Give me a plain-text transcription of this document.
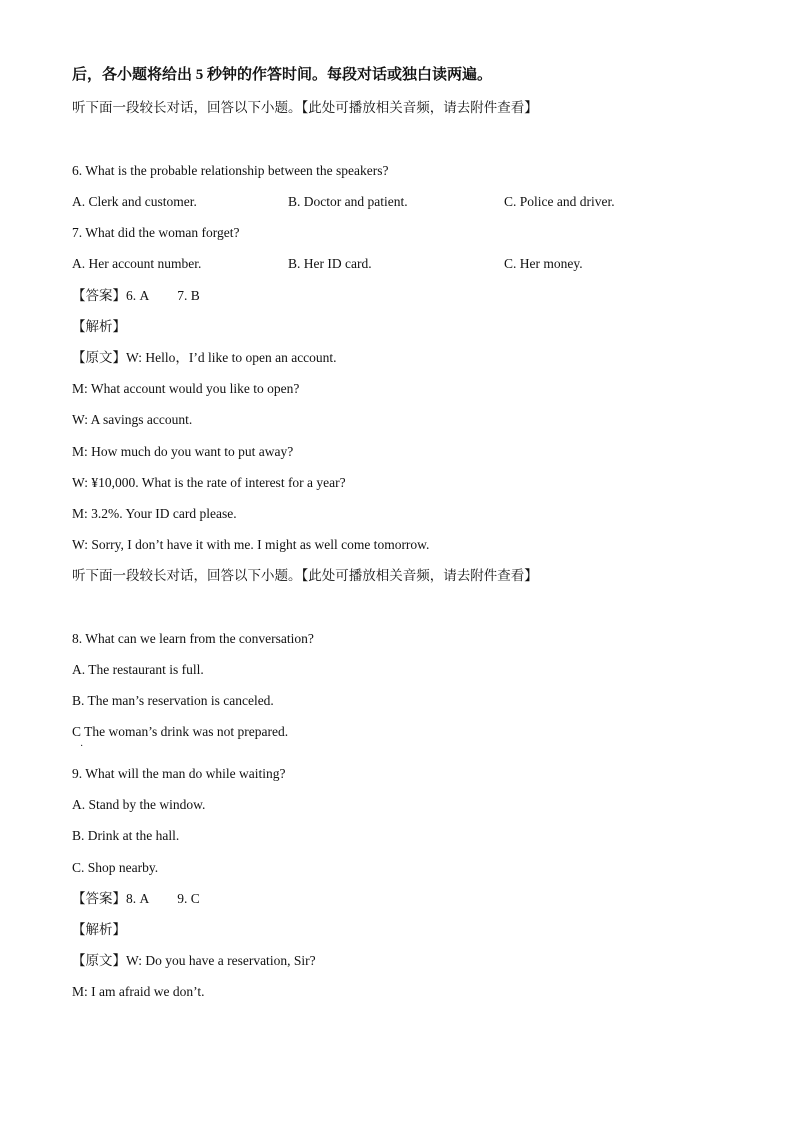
后，各小题将给出 5 秒钟的作答时间。每段对话或独白读两遍。
听下面一段较长对话，回答以下小题。【此处可播放相关音频，请去附件查看】
6. What is the probable relationship between the speakers?
A. Clerk and customer.	B. Doctor and patient.	C. Police and driver.
7. What did the woman forget?
A. Her account number.	B. Her ID card.	C. Her money.
【答案】6. A 7. B
【解析】
【原文】W: Hello，I’d like to open an account.
M: What account would you like to open?
W: A savings account.
M: How much do you want to put away?
W: ¥10,000. What is the rate of interest for a year?
M: 3.2%. Your ID card please.
W: Sorry, I don’t have it with me. I might as well come tomorrow.
听下面一段较长对话，回答以下小题。【此处可播放相关音频，请去附件查看】
8. What can we learn from the conversation?
A. The restaurant is full.
B. The man’s reservation is canceled.
C The woman’s drink was not prepared.
·
9. What will the man do while waiting?
A. Stand by the window.
B. Drink at the hall.
C. Shop nearby.
【答案】8. A 9. C
【解析】
【原文】W: Do you have a reservation, Sir?
M: I am afraid we don’t.
